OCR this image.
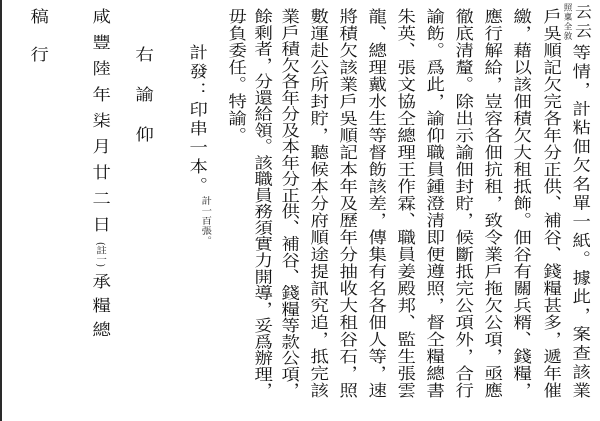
云
照稟全敘 云
等情，計粘佃欠名單一紙。據此，案查該業
戶吳順記欠完各年分正供、補谷、錢糧甚多，遞年催
繳，藉以該佃積欠大租抵飾。佃谷有關兵糈、錢糧，
應行解給，豈容各佃抗租，致令業戶拖欠公項，亟應
徹底清釐。除出示諭佃封貯，候斷抵完公項外，合行
諭飭。爲此，諭仰職員鍾澄清即便遵照，督仝糧總書
朱英、張文協仝總理王作霖、職員姜殿邦、監生張雲
龍、總理戴水生等督飭該差，傳集有名各佃人等，速
將積欠該業戶吳順記本年及歷年分抽收大租谷石，照
數運赴公所封貯，聽候本分府順途提訊究追，抵完該
業戶積欠各年分及本年分正供、補谷、錢糧等款公項，
餘剩者，分還給領。該職員務須實力開導，妥爲辦理，
毋負委任。特諭。
計發：印串一本。計一百張。
右　諭　仰
咸豐陸年柒月廿二日(註一)承糧總
稿　行
